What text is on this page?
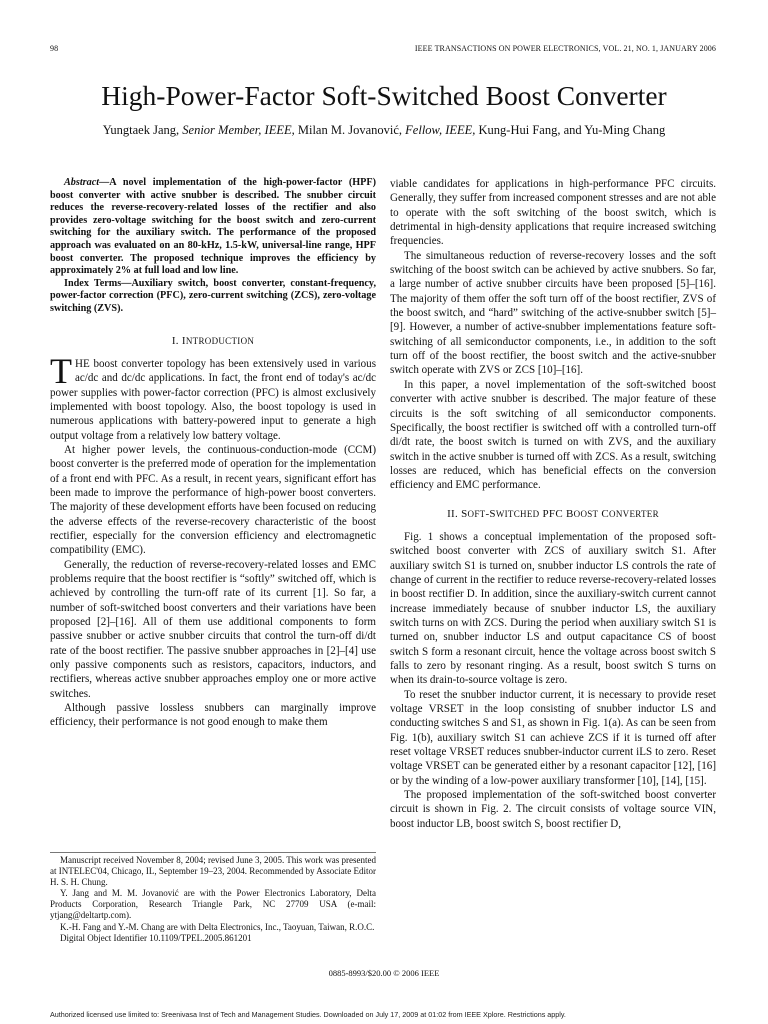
98	IEEE TRANSACTIONS ON POWER ELECTRONICS, VOL. 21, NO. 1, JANUARY 2006
High-Power-Factor Soft-Switched Boost Converter
Yungtaek Jang, Senior Member, IEEE, Milan M. Jovanović, Fellow, IEEE, Kung-Hui Fang, and Yu-Ming Chang

Abstract—A novel implementation of the high-power-factor (HPF) boost converter with active snubber is described. The snubber circuit reduces the reverse-recovery-related losses of the rectifier and also provides zero-voltage switching for the boost switch and zero-current switching for the auxiliary switch. The performance of the proposed approach was evaluated on an 80-kHz, 1.5-kW, universal-line range, HPF boost converter. The proposed technique improves the efficiency by approximately 2% at full load and low line.

Index Terms—Auxiliary switch, boost converter, constant-frequency, power-factor correction (PFC), zero-current switching (ZCS), zero-voltage switching (ZVS).

I. INTRODUCTION

THE boost converter topology has been extensively used in various ac/dc and dc/dc applications. In fact, the front end of today's ac/dc power supplies with power-factor correction (PFC) is almost exclusively implemented with boost topology. Also, the boost topology is used in numerous applications with battery-powered input to generate a high output voltage from a relatively low battery voltage.

At higher power levels, the continuous-conduction-mode (CCM) boost converter is the preferred mode of operation for the implementation of a front end with PFC. As a result, in recent years, significant effort has been made to improve the performance of high-power boost converters. The majority of these development efforts have been focused on reducing the adverse effects of the reverse-recovery characteristic of the boost rectifier, especially for the conversion efficiency and electromagnetic compatibility (EMC).

Generally, the reduction of reverse-recovery-related losses and EMC problems require that the boost rectifier is “softly” switched off, which is achieved by controlling the turn-off rate of its current [1]. So far, a number of soft-switched boost converters and their variations have been proposed [2]–[16]. All of them use additional components to form passive snubber or active snubber circuits that control the turn-off di/dt rate of the boost rectifier. The passive snubber approaches in [2]–[4] use only passive components such as resistors, capacitors, inductors, and rectifiers, whereas active snubber approaches employ one or more active switches.

Although passive lossless snubbers can marginally improve efficiency, their performance is not good enough to make them

Manuscript received November 8, 2004; revised June 3, 2005. This work was presented at INTELEC'04, Chicago, IL, September 19–23, 2004. Recommended by Associate Editor H. S. H. Chung.

Y. Jang and M. M. Jovanović are with the Power Electronics Laboratory, Delta Products Corporation, Research Triangle Park, NC 27709 USA (e-mail: ytjang@deltartp.com).

K.-H. Fang and Y.-M. Chang are with Delta Electronics, Inc., Taoyuan, Taiwan, R.O.C.

Digital Object Identifier 10.1109/TPEL.2005.861201

viable candidates for applications in high-performance PFC circuits. Generally, they suffer from increased component stresses and are not able to operate with the soft switching of the boost switch, which is detrimental in high-density applications that require increased switching frequencies.

The simultaneous reduction of reverse-recovery losses and the soft switching of the boost switch can be achieved by active snubbers. So far, a large number of active snubber circuits have been proposed [5]–[16]. The majority of them offer the soft turn off of the boost rectifier, ZVS of the boost switch, and “hard” switching of the active-snubber switch [5]–[9]. However, a number of active-snubber implementations feature soft-switching of all semiconductor components, i.e., in addition to the soft turn off of the boost rectifier, the boost switch and the active-snubber switch operate with ZVS or ZCS [10]–[16].

In this paper, a novel implementation of the soft-switched boost converter with active snubber is described. The major feature of these circuits is the soft switching of all semiconductor components. Specifically, the boost rectifier is switched off with a controlled turn-off di/dt rate, the boost switch is turned on with ZVS, and the auxiliary switch in the active snubber is turned off with ZCS. As a result, switching losses are reduced, which has beneficial effects on the conversion efficiency and EMC performance.

II. SOFT-SWITCHED PFC BOOST CONVERTER

Fig. 1 shows a conceptual implementation of the proposed soft-switched boost converter with ZCS of auxiliary switch S1. After auxiliary switch S1 is turned on, snubber inductor LS controls the rate of change of current in the rectifier to reduce reverse-recovery-related losses in boost rectifier D. In addition, since the auxiliary-switch current cannot increase immediately because of snubber inductor LS, the auxiliary switch turns on with ZCS. During the period when auxiliary switch S1 is turned on, snubber inductor LS and output capacitance CS of boost switch S form a resonant circuit, hence the voltage across boost switch S falls to zero by resonant ringing. As a result, boost switch S turns on when its drain-to-source voltage is zero.

To reset the snubber inductor current, it is necessary to provide reset voltage VRSET in the loop consisting of snubber inductor LS and conducting switches S and S1, as shown in Fig. 1(a). As can be seen from Fig. 1(b), auxiliary switch S1 can achieve ZCS if it is turned off after reset voltage VRSET reduces snubber-inductor current iLS to zero. Reset voltage VRSET can be generated either by a resonant capacitor [12], [16] or by the winding of a low-power auxiliary transformer [10], [14], [15].

The proposed implementation of the soft-switched boost converter circuit is shown in Fig. 2. The circuit consists of voltage source VIN, boost inductor LB, boost switch S, boost rectifier D,

0885-8993/$20.00 © 2006 IEEE
Authorized licensed use limited to: Sreenivasa Inst of Tech and Management Studies. Downloaded on July 17, 2009 at 01:02 from IEEE Xplore. Restrictions apply.
